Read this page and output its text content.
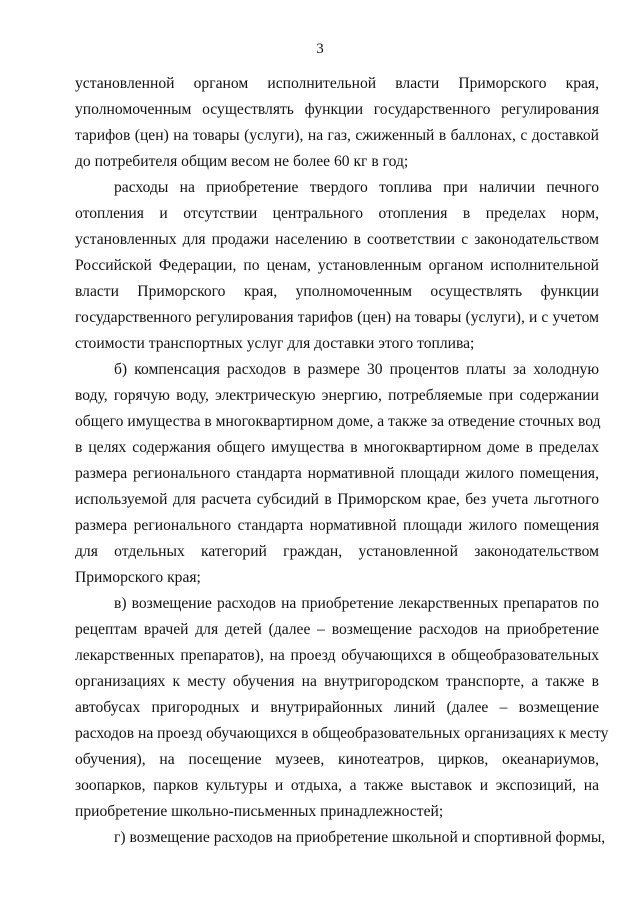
3
установленной органом исполнительной власти Приморского края,
уполномоченным осуществлять функции государственного регулирования
тарифов (цен) на товары (услуги), на газ, сжиженный в баллонах, с доставкой
до потребителя общим весом не более 60 кг в год;
расходы на приобретение твердого топлива при наличии печного
отопления и отсутствии центрального отопления в пределах норм,
установленных для продажи населению в соответствии с законодательством
Российской Федерации, по ценам, установленным органом исполнительной
власти Приморского края, уполномоченным осуществлять функции
государственного регулирования тарифов (цен) на товары (услуги), и с учетом
стоимости транспортных услуг для доставки этого топлива;
б) компенсация расходов в размере 30 процентов платы за холодную
воду, горячую воду, электрическую энергию, потребляемые при содержании
общего имущества в многоквартирном доме, а также за отведение сточных вод
в целях содержания общего имущества в многоквартирном доме в пределах
размера регионального стандарта нормативной площади жилого помещения,
используемой для расчета субсидий в Приморском крае, без учета льготного
размера регионального стандарта нормативной площади жилого помещения
для отдельных категорий граждан, установленной законодательством
Приморского края;
в) возмещение расходов на приобретение лекарственных препаратов по
рецептам врачей для детей (далее – возмещение расходов на приобретение
лекарственных препаратов), на проезд обучающихся в общеобразовательных
организациях к месту обучения на внутригородском транспорте, а также в
автобусах пригородных и внутрирайонных линий (далее – возмещение
расходов на проезд обучающихся в общеобразовательных организациях к месту
обучения), на посещение музеев, кинотеатров, цирков, океанариумов,
зоопарков, парков культуры и отдыха, а также выставок и экспозиций, на
приобретение школьно-письменных принадлежностей;
г) возмещение расходов на приобретение школьной и спортивной формы,
